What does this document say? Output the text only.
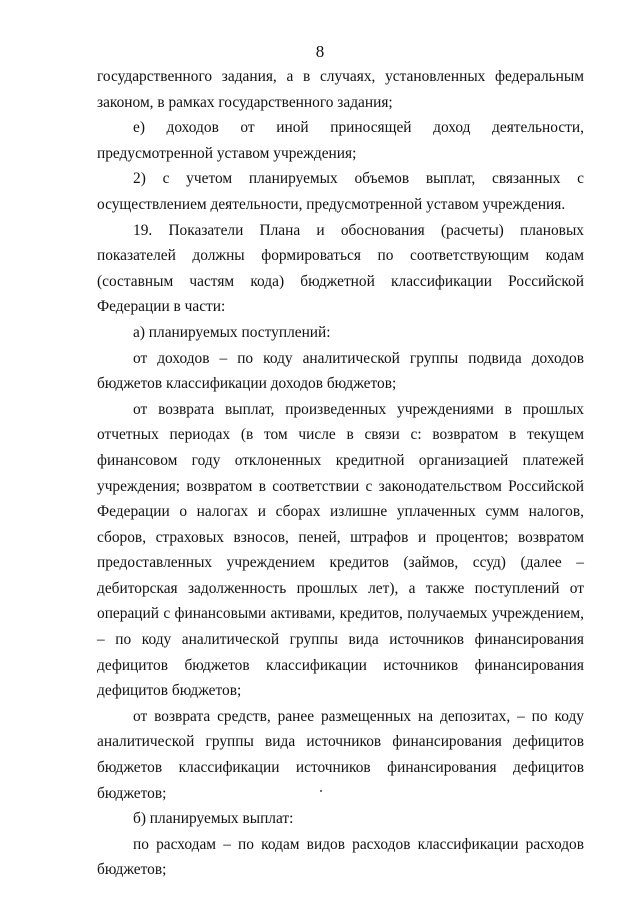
8

государственного задания, а в случаях, установленных федеральным законом, в рамках государственного задания;

е) доходов от иной приносящей доход деятельности, предусмотренной уставом учреждения;

2) с учетом планируемых объемов выплат, связанных с осуществлением деятельности, предусмотренной уставом учреждения.

19. Показатели Плана и обоснования (расчеты) плановых показателей должны формироваться по соответствующим кодам (составным частям кода) бюджетной классификации Российской Федерации в части:

а) планируемых поступлений:

от доходов – по коду аналитической группы подвида доходов бюджетов классификации доходов бюджетов;

от возврата выплат, произведенных учреждениями в прошлых отчетных периодах (в том числе в связи с: возвратом в текущем финансовом году отклоненных кредитной организацией платежей учреждения; возвратом в соответствии с законодательством Российской Федерации о налогах и сборах излишне уплаченных сумм налогов, сборов, страховых взносов, пеней, штрафов и процентов; возвратом предоставленных учреждением кредитов (займов, ссуд) (далее – дебиторская задолженность прошлых лет), а также поступлений от операций с финансовыми активами, кредитов, получаемых учреждением, – по коду аналитической группы вида источников финансирования дефицитов бюджетов классификации источников финансирования дефицитов бюджетов;

от возврата средств, ранее размещенных на депозитах, – по коду аналитической группы вида источников финансирования дефицитов бюджетов классификации источников финансирования дефицитов бюджетов;

б) планируемых выплат:

по расходам – по кодам видов расходов классификации расходов бюджетов;
